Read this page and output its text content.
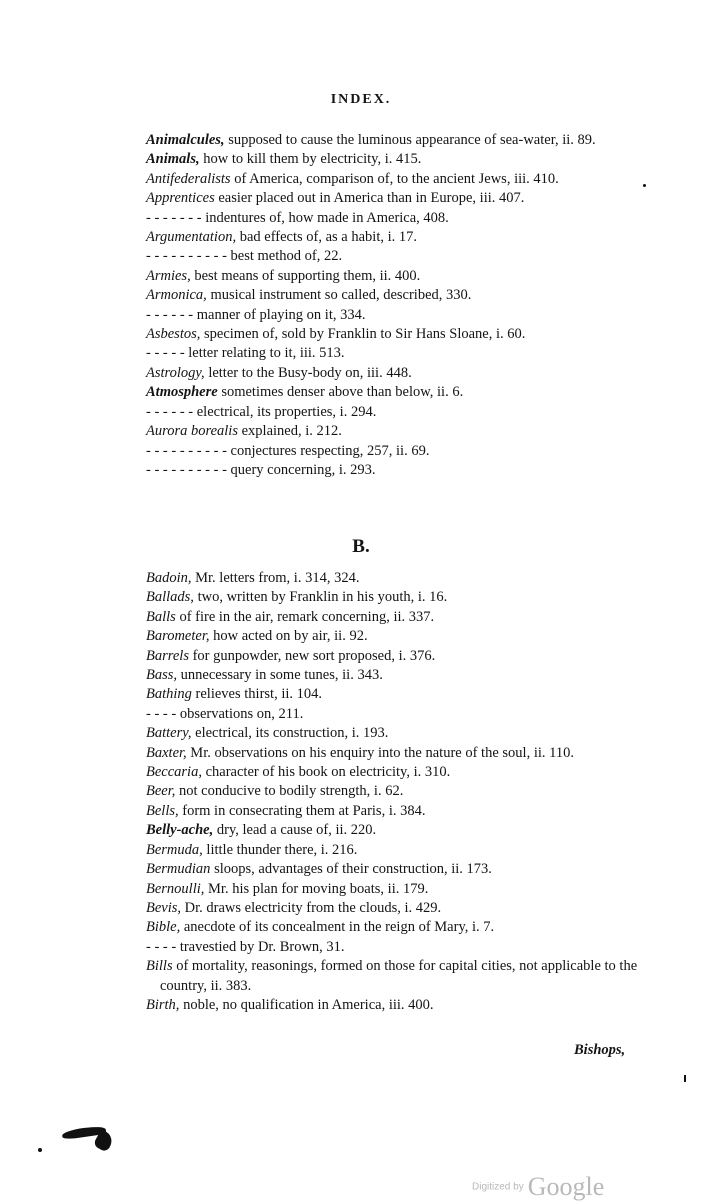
INDEX.
Animalcules, supposed to cause the luminous appearance of sea-water, ii. 89.
Animals, how to kill them by electricity, i. 415.
Antifederalists of America, comparison of, to the ancient Jews, iii. 410.
Apprentices easier placed out in America than in Europe, iii. 407.
- - - - - - - indentures of, how made in America, 408.
Argumentation, bad effects of, as a habit, i. 17.
- - - - - - - - - - best method of, 22.
Armies, best means of supporting them, ii. 400.
Armonica, musical instrument so called, described, 330.
- - - - - - manner of playing on it, 334.
Asbestos, specimen of, sold by Franklin to Sir Hans Sloane, i. 60.
- - - - - letter relating to it, iii. 513.
Astrology, letter to the Busy-body on, iii. 448.
Atmosphere sometimes denser above than below, ii. 6.
- - - - - - electrical, its properties, i. 294.
Aurora borealis explained, i. 212.
- - - - - - - - - - conjectures respecting, 257, ii. 69.
- - - - - - - - - - query concerning, i. 293.
B.
Badoin, Mr. letters from, i. 314, 324.
Ballads, two, written by Franklin in his youth, i. 16.
Balls of fire in the air, remark concerning, ii. 337.
Barometer, how acted on by air, ii. 92.
Barrels for gunpowder, new sort proposed, i. 376.
Bass, unnecessary in some tunes, ii. 343.
Bathing relieves thirst, ii. 104.
- - - - observations on, 211.
Battery, electrical, its construction, i. 193.
Baxter, Mr. observations on his enquiry into the nature of the soul, ii. 110.
Beccaria, character of his book on electricity, i. 310.
Beer, not conducive to bodily strength, i. 62.
Bells, form in consecrating them at Paris, i. 384.
Belly-ache, dry, lead a cause of, ii. 220.
Bermuda, little thunder there, i. 216.
Bermudian sloops, advantages of their construction, ii. 173.
Bernoulli, Mr. his plan for moving boats, ii. 179.
Bevis, Dr. draws electricity from the clouds, i. 429.
Bible, anecdote of its concealment in the reign of Mary, i. 7.
- - - - travestied by Dr. Brown, 31.
Bills of mortality, reasonings, formed on those for capital cities, not applicable to the country, ii. 383.
Birth, noble, no qualification in America, iii. 400.
Bishops,
Digitized by Google
